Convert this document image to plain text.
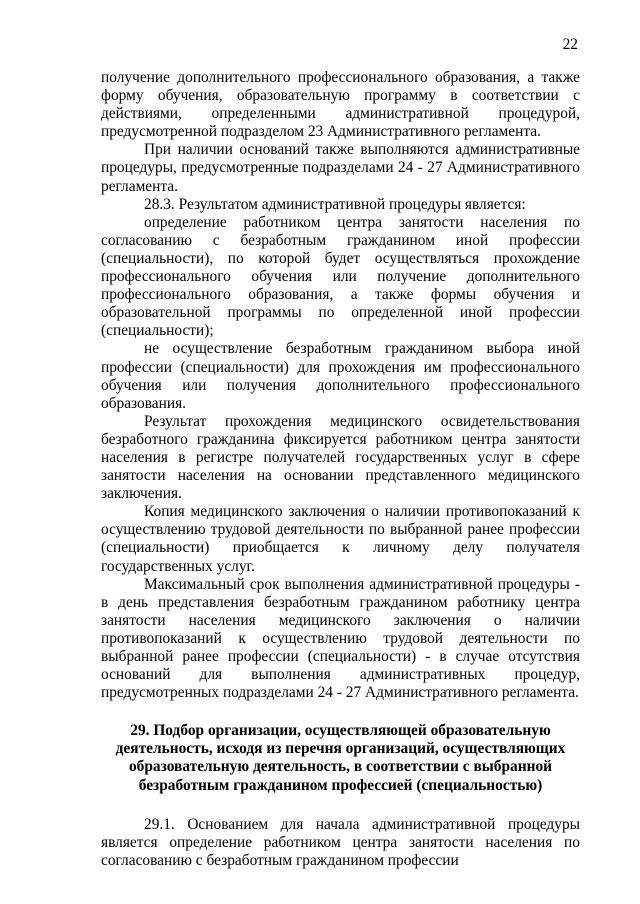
22

получение дополнительного профессионального образования, а также форму обучения, образовательную программу в соответствии с действиями, определенными административной процедурой, предусмотренной подразделом 23 Административного регламента.

При наличии оснований также выполняются административные процедуры, предусмотренные подразделами 24 - 27 Административного регламента.

28.3. Результатом административной процедуры является:

определение работником центра занятости населения по согласованию с безработным гражданином иной профессии (специальности), по которой будет осуществляться прохождение профессионального обучения или получение дополнительного профессионального образования, а также формы обучения и образовательной программы по определенной иной профессии (специальности);

не осуществление безработным гражданином выбора иной профессии (специальности) для прохождения им профессионального обучения или получения дополнительного профессионального образования.

Результат прохождения медицинского освидетельствования безработного гражданина фиксируется работником центра занятости населения в регистре получателей государственных услуг в сфере занятости населения на основании представленного медицинского заключения.

Копия медицинского заключения о наличии противопоказаний к осуществлению трудовой деятельности по выбранной ранее профессии (специальности) приобщается к личному делу получателя государственных услуг.

Максимальный срок выполнения административной процедуры - в день представления безработным гражданином работнику центра занятости населения медицинского заключения о наличии противопоказаний к осуществлению трудовой деятельности по выбранной ранее профессии (специальности) - в случае отсутствия оснований для выполнения административных процедур, предусмотренных подразделами 24 - 27 Административного регламента.

29. Подбор организации, осуществляющей образовательную деятельность, исходя из перечня организаций, осуществляющих образовательную деятельность, в соответствии с выбранной безработным гражданином профессией (специальностью)

29.1. Основанием для начала административной процедуры является определение работником центра занятости населения по согласованию с безработным гражданином профессии
